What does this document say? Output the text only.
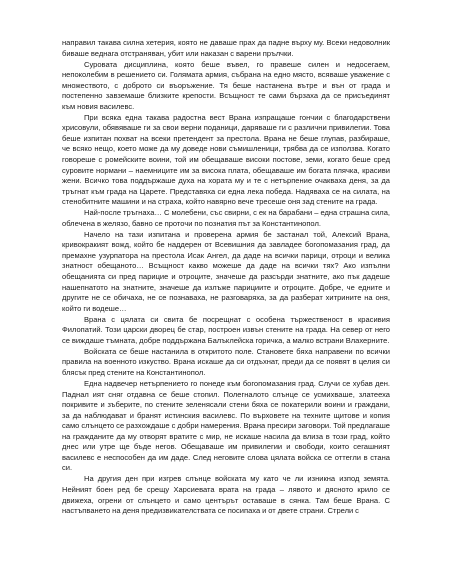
направил такава силна хетерия, която не даваше прах да падне върху му. Всеки недоволник биваше веднага отстраняван, убит или наказан с варени прълчки.

Суровата дисциплина, която беше въвел, го правеше силен и недосегаем, непоколебим в решението си. Голямата армия, събрана на едно място, всяваше уважение с множеството, с доброто си въоръжение. Тя беше настанена вътре и вън от града и постепенно завземаше близките крепости. Всъщност те сами бързаха да се присъединят към новия василевс.

При всяка една такава радостна вест Врана изпращаше гончии с благодарствени хрисовули, обявяваше ги за свои верни поданици, даряваше ги с различни привилегии. Това беше изпитан похват на всеки претендент за престола. Врана не беше глупав, разбираше, че всяко нещо, което може да му доведе нови съмишленици, трябва да се използва. Когато говореше с ромейските воини, той им обещаваше високи постове, земи, когато беше сред суровите нормани – наемниците им за висока плата, обещаваше им богата плячка, красиви жени. Всичко това поддържаше духа на хората му и те с нетърпение очакваха деня, за да тръгнат към града на Царете. Представяха си една лека победа. Надяваха се на силата, на стенобитните машини и на страха, който навярно вече тресеше оня зад стените на града.

Най-после тръгнаха… С молебени, със свирни, с ек на барабани – една страшна сила, облечена в желязо, бавно се проточи по познатия път за Константинопол.

Начело на тази изпитана и проверена армия бе застанал той, Алексий Врана, кривокракият вожд, който бе наддерен от Всевишния да завладее богопомазания град, да премахне узурпатора на престола Исак Ангел, да даде на всички парици, отроци и велика знатност обещаното… Всъщност какво можеше да даде на всички тях? Ако изпълни обещанията си пред парицие и отроците, значеше да разсърди знатните, ако пък дадеше нашепнатото на знатните, значеше да излъже парициите и отроците. Добре, че едните и другите не се обичаха, не се познаваха, не разговаряха, за да разберат хитрините на оня, който ги водеше…

Врана с цялата си свита бе посрещнат с особена тържественост в красивия Филопатий. Този царски дворец бе стар, построен извън стените на града. На север от него се виждаше тъмната, добре поддържана Балъклейска горичка, а малко встрани Влахерните.

Войската се беше настанила в откритото поле. Становете бяха направени по всички правила на военното изкуство. Врана искаше да си отдъхнат, преди да се появят в целия си блясък пред стените на Константинопол.

Една надвечер нетърпението го понеде към богопомазания град. Случи се хубав ден. Паднал ият сняг отдавна се беше стопил. Полегналото слънце се усмихваше, златееха покривите и зъберите, по стените зеленясали стени бяха се покатерили воини и граждани, за да наблюдават и бранят истинския василевс. По върховете на техните щитове и копия само слънцето се разхождаше с добри намерения. Врана пресири заговори. Той предлагаше на гражданите да му отворят вратите с мир, не искаше насила да влиза в този град, който днес или утре ще бъде негов. Обещаваше им привилегии и свободи, които сегашният василевс е неспособен да им даде. След неговите слова цялата войска се оттегли в стана си.

На другия ден при изгрев слънце войската му като че ли изникна изпод земята. Нейният боен ред бе срещу Харсиевата врата на града – лявото и дясното крило се движеха, огрени от слънцето и само центърът оставаше в сянка. Там беше Врана. С настъпването на деня предизвикателствата се посипаха и от двете страни. Стрели с
